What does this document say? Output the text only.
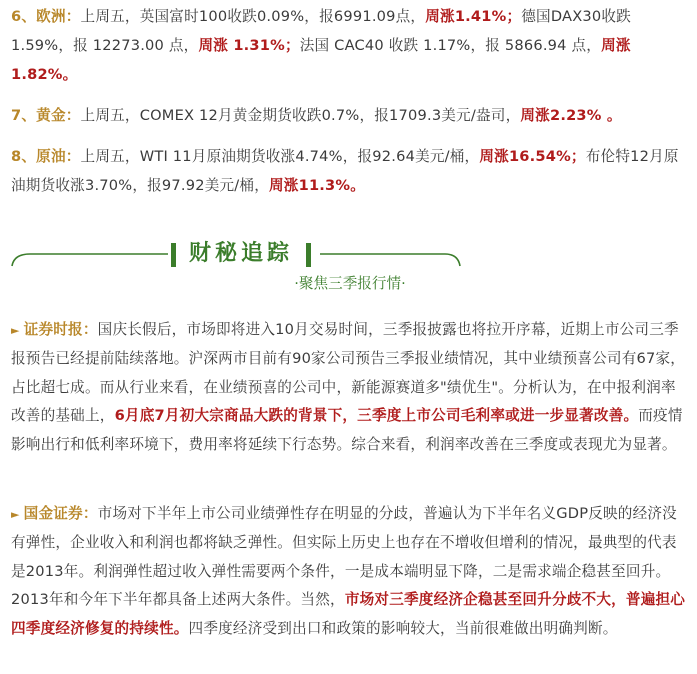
6、欧洲：上周五，英国富时100收跌0.09%，报6991.09点，周涨1.41%；德国DAX30收跌1.59%，报 12273.00 点，周涨 1.31%；法国 CAC40 收跌 1.17%，报 5866.94 点，周涨1.82%。

7、黄金：上周五，COMEX 12月黄金期货收跌0.7%，报1709.3美元/盎司，周涨2.23% 。

8、原油：上周五，WTI 11月原油期货收涨4.74%，报92.64美元/桶，周涨16.54%；布伦特12月原油期货收涨3.70%，报97.92美元/桶，周涨11.3%。

财秘追踪
·聚焦三季报行情·

► 证券时报：国庆长假后，市场即将进入10月交易时间，三季报披露也将拉开序幕，近期上市公司三季报预告已经提前陆续落地。沪深两市目前有90家公司预告三季报业绩情况，其中业绩预喜公司有67家，占比超七成。而从行业来看，在业绩预喜的公司中，新能源赛道多"绩优生"。分析认为，在中报利润率改善的基础上，6月底7月初大宗商品大跌的背景下，三季度上市公司毛利率或进一步显著改善。而疫情影响出行和低利率环境下，费用率将延续下行态势。综合来看，利润率改善在三季度或表现尤为显著。

► 国金证券：市场对下半年上市公司业绩弹性存在明显的分歧，普遍认为下半年名义GDP反映的经济没有弹性，企业收入和利润也都将缺乏弹性。但实际上历史上也存在不增收但增利的情况，最典型的代表是2013年。利润弹性超过收入弹性需要两个条件，一是成本端明显下降，二是需求端企稳甚至回升。2013年和今年下半年都具备上述两大条件。当然，市场对三季度经济企稳甚至回升分歧不大，普遍担心四季度经济修复的持续性。四季度经济受到出口和政策的影响较大，当前很难做出明确判断。
